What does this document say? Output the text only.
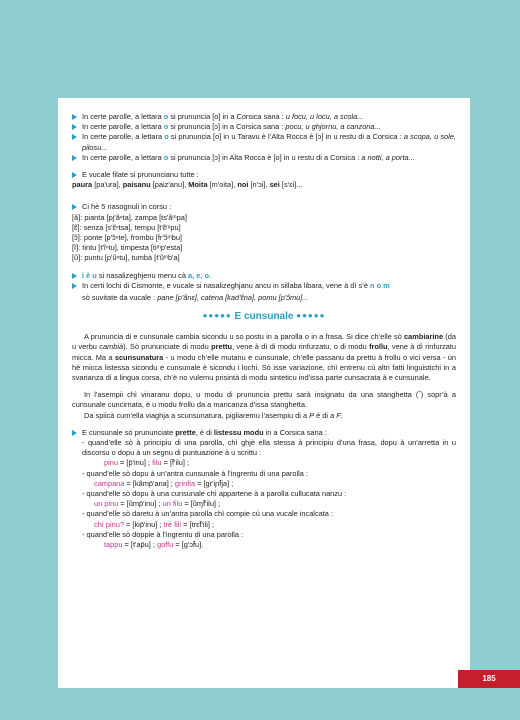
In certe parolle, a lettara o si prununcia [o] in a Corsica sana : u focu, u locu, a scola...
In certe parolle, a lettara o si prununcia [ɔ] in a Corsica sana : pocu, u ghjornu, a canzona...
In certe parolle, a lettara o si prununcia [o] in u Taravu è l’Alta Rocca è [ɔ] in u restu di a Corsica : a scopa, u sole, pilosu...
In certe parolle, a lettara o si prununcia [ɔ] in Alta Rocca è [o] in u restu di a Corsica : a notti, a porta...
E vucale filate si prununcianu tutte :
paura [pa'ura], paisanu [paiz'anu], Moita [m'oita], noi [n'ɔi], sei [s'ɛi]...
Ci hè 5 nasognuli in corsu :
[ã]: pianta [pj'ãⁿta], zampa [ts'ãᵐpa]
[ɛ̃]: senza [s'ɛ̃ⁿtsa], tempu [t'ɛ̃ᵐpu]
[ɔ̃]: ponte [p'ɔ̃ⁿte], frombu [fr'ɔ̃ᵐbu]
[ĩ]: tintu [t'ĩⁿtu], timpesta [tiᵐp'esta]
[ũ]: puntu [p'ũⁿtu], tumbà [t'ũᵐb'a]
ì è u si nasalizeghjenu menu cà a, e, o.
In certi lochi di Cismonte, e vucale si nasalizeghjanu ancu in sillaba libara, vene à dì s’è n o m
sò suvitate da vucale : pane [p'ãnɛ], catena [kad'ɛ̃na], pomu [p'ɔ̃mu]...
●●●●● E cunsunale ●●●●●
A prununcia di e cunsunale cambia sicondu u so postu in a parolla o in a frasa. Si dice ch’elle sò cambiarine (da u verbu cambià). Sò prununciate di modu prettu, vene à dì di modu rinfurzatu, o di modu frollu, vene à dì rinfurzatu micca. Ma a scunsunatura - u modu ch’elle mutanu e cunsunale, ch’elle passanu da prettu à frollu o vici versa - ùn hè micca listessa sicondu e cunsunale è sicondu i lochi. Sò isse variazione, chì entrenu cù altri fatti linguistichi in a svarianza di a lingua corsa, ch’è no vulemu prisintà di modu sinteticu ind’issa parte cunsacrata à e cunsunale.
In l’asempii chì vinaranu dopu, u modu di prununcia prettu sarà insignatu da una stanghetta (‾) sopr’à a cunsunale cuncirnata, è u modu frollu da a mancanza d’issa stanghetta.
Da spiicà cum’ella viaghja a scunsunatura, pigliaremu l’asempiu di a P è di a F.
E cunsunale sò prununciate prette, è di listessu modu in a Corsica sana :
- quand’elle sò à principiu di una parolla, chì ghjè ella stessa à principiu d’una frasa, dopu à un’arretta in u discorsu o dopu à un segnu di puntuazione à u scrittu :
pinu = [p̄'inu] ; filu = [f̄'ilu] ;
- quand’elle sò dopu à un’antra cunsunale à l’ingrentu di una parolla :
campana = [kãmp̄'ana] ; grinfia = [gr'iɲf̄ja] ;
- quand’elle sò dopu à una cunsunale chì appartene à a parolla cullucata nanzu :
un pinu = [ũmp̄'inu] ; un filu = [ũɱf̄'ilu] ;
- quand’elle sò daretu à un’antra parolla chì compie cù una vucale incalcata :
chì pinu? = [kip̄'inu] ; trè fili = [trɛf̄'ili] ;
- quand’elle sò doppie à l’ingrentu di una parolla :
tappu = [t'ap̄u] ; goffu = [g'ɔf̄u].
185
